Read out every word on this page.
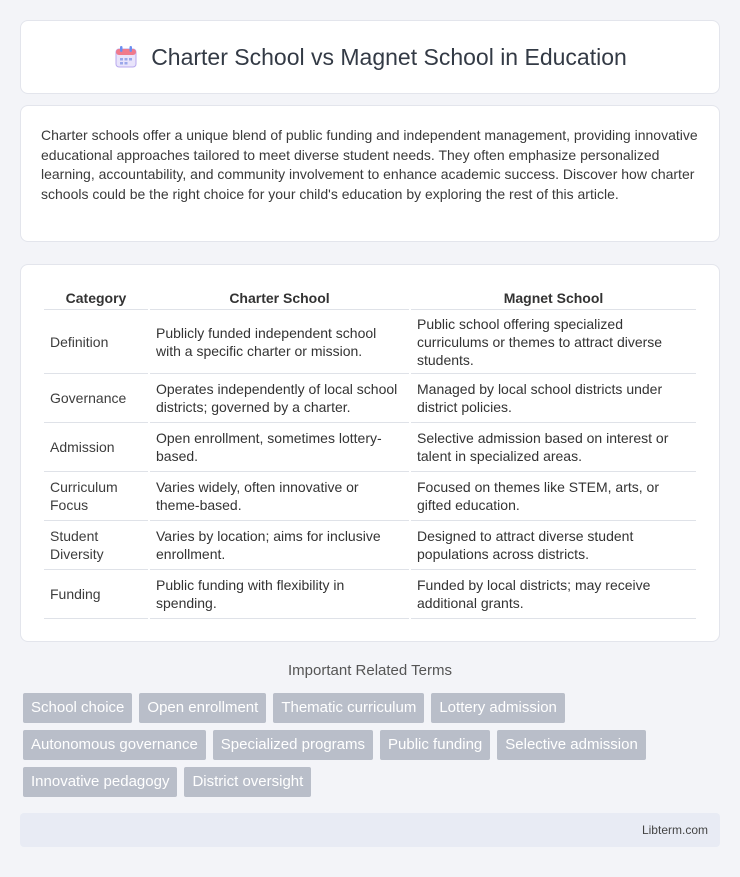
Charter School vs Magnet School in Education

Charter schools offer a unique blend of public funding and independent management, providing innovative educational approaches tailored to meet diverse student needs. They often emphasize personalized learning, accountability, and community involvement to enhance academic success. Discover how charter schools could be the right choice for your child's education by exploring the rest of this article.

Category	Charter School	Magnet School
Definition	Publicly funded independent school with a specific charter or mission.	Public school offering specialized curriculums or themes to attract diverse students.
Governance	Operates independently of local school districts; governed by a charter.	Managed by local school districts under district policies.
Admission	Open enrollment, sometimes lottery-based.	Selective admission based on interest or talent in specialized areas.
Curriculum Focus	Varies widely, often innovative or theme-based.	Focused on themes like STEM, arts, or gifted education.
Student Diversity	Varies by location; aims for inclusive enrollment.	Designed to attract diverse student populations across districts.
Funding	Public funding with flexibility in spending.	Funded by local districts; may receive additional grants.
Important Related Terms
School choice	Open enrollment	Thematic curriculum	Lottery admission
Autonomous governance	Specialized programs	Public funding	Selective admission
Innovative pedagogy	District oversight
Libterm.com
